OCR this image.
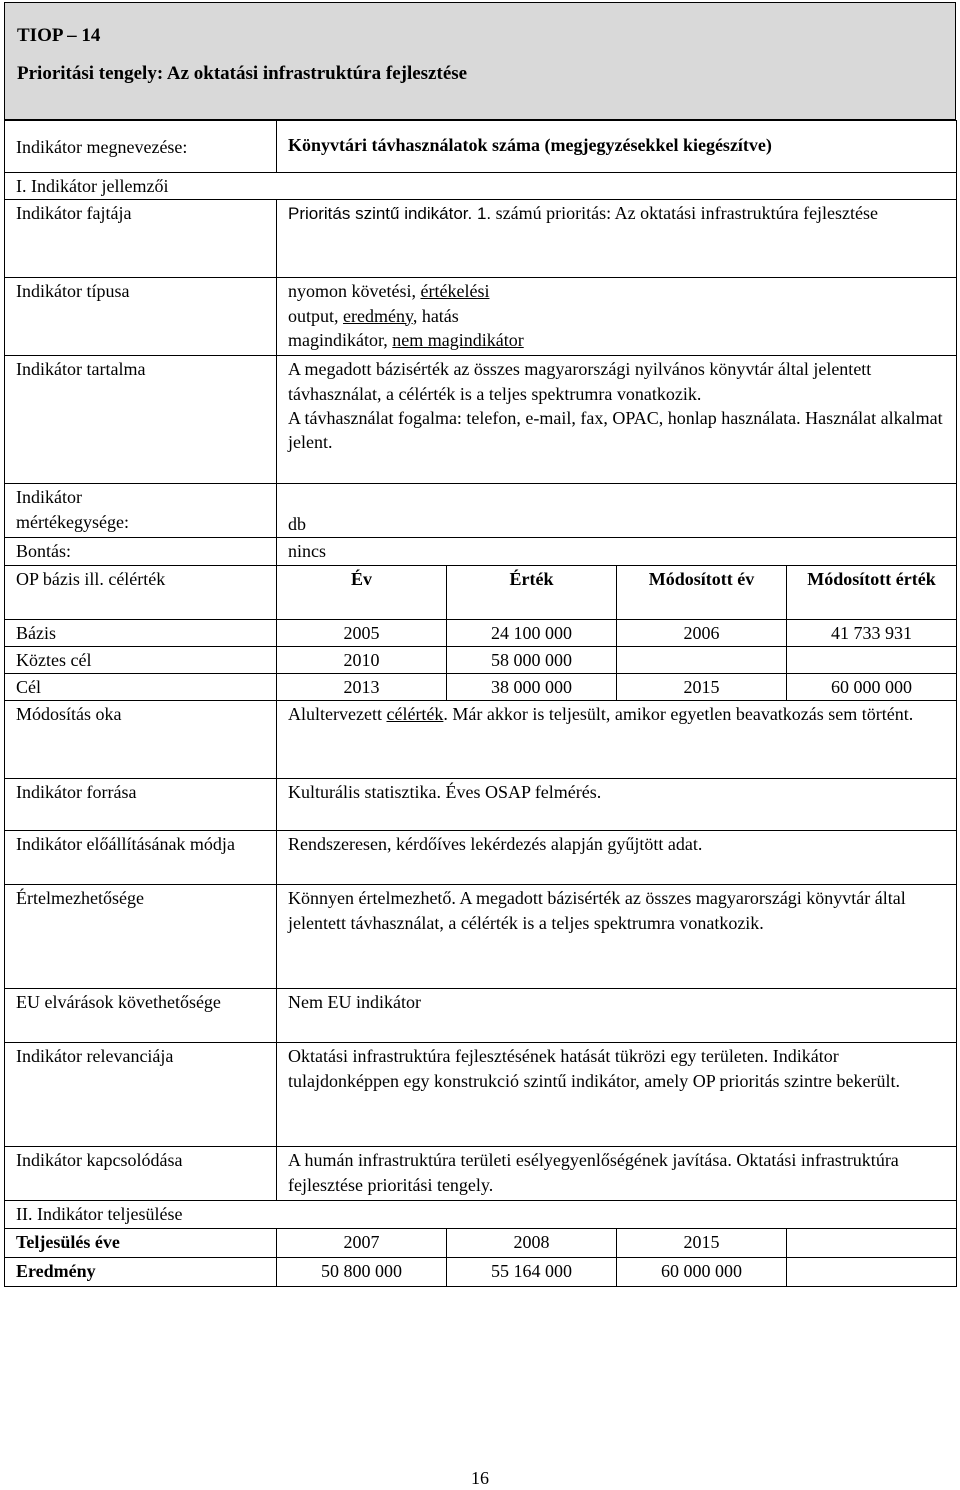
TIOP – 14
Prioritási tengely: Az oktatási infrastruktúra fejlesztése
Indikátor megnevezése:	Könyvtári távhasználatok száma (megjegyzésekkel kiegészítve)			
I. Indikátor jellemzői				
Indikátor fajtája	Prioritás szintű indikátor. 1. számú prioritás: Az oktatási infrastruktúra fejlesztése			
Indikátor típusa	nyomon követési, értékelési
output, eredmény, hatás
magindikátor, nem magindikátor			

Indikátor tartalma	A megadott bázisérték az összes magyarországi nyilvános könyvtár által jelentett távhasználat, a célérték is a teljes spektrumra vonatkozik.
A távhasználat fogalma: telefon, e-mail, fax, OPAC, honlap használata. Használat alkalmat jelent.			

Indikátor
mértékegysége:	db			
Bontás:	nincs			
OP bázis ill. célérték	Év	Érték	Módosított év	Módosított érték
Bázis	2005	24 100 000	2006	41 733 931
Köztes cél	2010	58 000 000		
Cél	2013	38 000 000	2015	60 000 000
Módosítás oka	Alultervezett célérték. Már akkor is teljesült, amikor egyetlen beavatkozás sem történt.			
Indikátor forrása	Kulturális statisztika. Éves OSAP felmérés.			
Indikátor előállításának módja	Rendszeresen, kérdőíves lekérdezés alapján gyűjtött adat.			
Értelmezhetősége	Könnyen értelmezhető. A megadott bázisérték az összes magyarországi könyvtár által jelentett távhasználat, a célérték is a teljes spektrumra vonatkozik.			
EU elvárások követhetősége	Nem EU indikátor			
Indikátor relevanciája	Oktatási infrastruktúra fejlesztésének hatását tükrözi egy területen. Indikátor tulajdonképpen egy konstrukció szintű indikátor, amely OP prioritás szintre bekerült.			
Indikátor kapcsolódása	A humán infrastruktúra területi esélyegyenlőségének javítása. Oktatási infrastruktúra fejlesztése prioritási tengely.			
II. Indikátor teljesülése				
Teljesülés éve	2007	2008	2015	
Eredmény	50 800 000	55 164 000	60 000 000	
16
